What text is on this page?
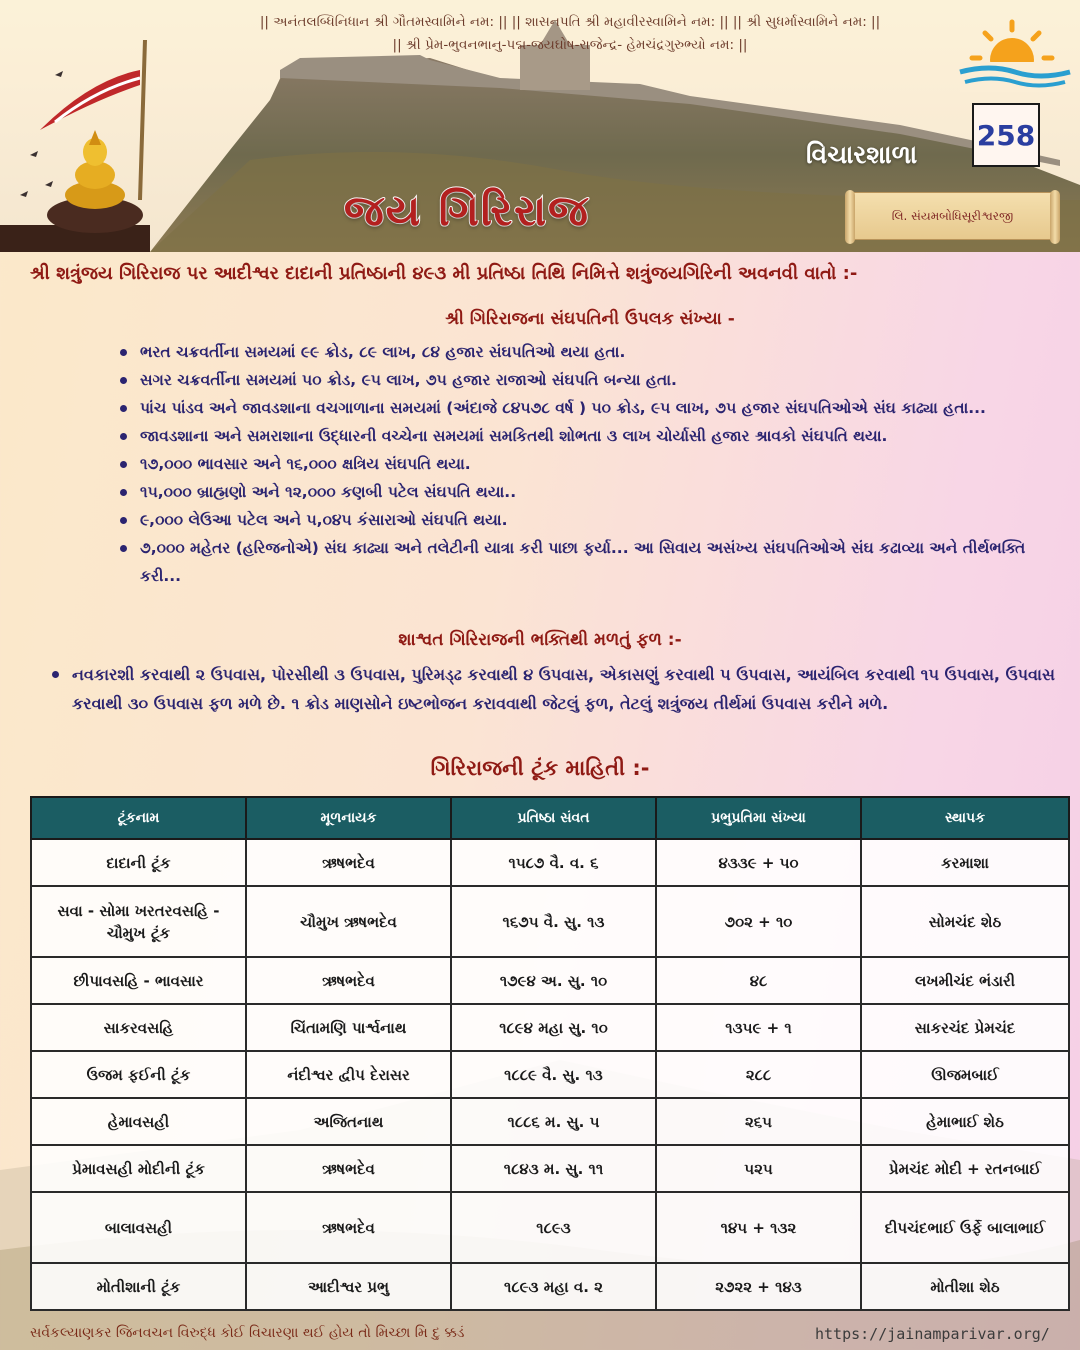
|| અનંતલબ્ધિનિધાન શ્રી ગૌતમસ્વામિને નમ: || || શાસનપતિ શ્રી મહાવીરસ્વામિને નમ: || || શ્રી સુધર્માસ્વામિને નમ: ||
|| શ્રી પ્રેમ-ભુવનભાનુ-પદ્મ-જયઘોષ-રાજેન્દ્ર- હેમચંદ્રગુરુભ્યો નમ: ||
258
વિચારશાળા
જય ગિરિરાજ	લિ. સંયમબોધિસૂરીશ્વરજી
શ્રી શત્રુંજય ગિરિરાજ પર આદીશ્વર દાદાની પ્રતિષ્ઠાની ૪૯૩ મી પ્રતિષ્ઠા તિથિ નિમિત્તે શત્રુંજયગિરિની અવનવી વાતો :-
શ્રી ગિરિરાજના સંઘપતિની ઉપલક સંખ્યા -
ભરત ચક્રવર્તીના સમયમાં ૯૯ ક્રોડ, ૮૯ લાખ, ૮૪ હજાર સંઘપતિઓ થયા હતા.
સગર ચક્રવર્તીના સમયમાં ૫૦ ક્રોડ, ૯૫ લાખ, ૭૫ હજાર રાજાઓ સંઘપતિ બન્યા હતા.
પાંચ પાંડવ અને જાવડશાના વચગાળાના સમયમાં (અંદાજે ૮૪૫૭૮ વર્ષ ) ૫૦ ક્રોડ, ૯૫ લાખ, ૭૫ હજાર સંઘપતિઓએ સંઘ કાઢ્યા હતા...
જાવડશાના અને સમરાશાના ઉદ્ધારની વચ્ચેના સમયમાં સમકિતથી શોભતા ૩ લાખ ચોર્યાસી હજાર શ્રાવકો સંઘપતિ થયા.
૧૭,૦૦૦ ભાવસાર અને ૧૬,૦૦૦ ક્ષત્રિય સંઘપતિ થયા.
૧૫,૦૦૦ બ્રાહ્મણો અને ૧૨,૦૦૦ કણબી પટેલ સંઘપતિ થયા..
૯,૦૦૦ લેઉઆ પટેલ અને ૫,૦૪૫ કંસારાઓ સંઘપતિ થયા.
૭,૦૦૦ મહેતર (હરિજનોએ) સંઘ કાઢ્યા અને તલેટીની યાત્રા કરી પાછા ફર્યા... આ સિવાય અસંખ્ય સંઘપતિઓએ સંઘ કઢાવ્યા અને તીર્થભક્તિ કરી...
શાશ્વત ગિરિરાજની ભક્તિથી મળતું ફળ :-
નવકારશી કરવાથી ૨ ઉપવાસ, પોરસીથી ૩ ઉપવાસ, પુરિમડ્ઢ કરવાથી ૪ ઉપવાસ, એકાસણું કરવાથી ૫ ઉપવાસ, આયંબિલ કરવાથી ૧૫ ઉપવાસ, ઉપવાસ કરવાથી ૩૦ ઉપવાસ ફળ મળે છે. ૧ ક્રોડ માણસોને ઇષ્ટભોજન કરાવવાથી જેટલું ફળ, તેટલું શત્રુંજય તીર્થમાં ઉપવાસ કરીને મળે.
ગિરિરાજની ટૂંક માહિતી :-
ટૂંકનામ	મૂળનાયક	પ્રતિષ્ઠા સંવત	પ્રભુપ્રતિમા સંખ્યા	સ્થાપક
દાદાની ટૂંક	ઋષભદેવ	૧૫૮૭ વૈ. વ. ૬	૪૩૩૯ + ૫૦	કરમાશા
સવા - સોમા ખરતરવસહિ - ચૌમુખ ટૂંક	ચૌમુખ ઋષભદેવ	૧૬૭૫ વૈ. સુ. ૧૩	૭૦૨ + ૧૦	સોમચંદ શેઠ
છીપાવસહિ - ભાવસાર	ઋષભદેવ	૧૭૯૪ અ. સુ. ૧૦	૪૮	લખમીચંદ ભંડારી
સાકરવસહિ	ચિંતામણિ પાર્શ્વનાથ	૧૮૯૪ મહા સુ. ૧૦	૧૩૫૯ + ૧	સાકરચંદ પ્રેમચંદ
ઉજમ ફઈની ટૂંક	નંદીશ્વર દ્વીપ દેરાસર	૧૮૮૯ વૈ. સુ. ૧૩	૨૮૮	ઊજમબાઈ
હેમાવસહી	અજિતનાથ	૧૮૮૬ મ. સુ. ૫	૨૬૫	હેમાભાઈ શેઠ
પ્રેમાવસહી મોદીની ટૂંક	ઋષભદેવ	૧૮૪૩ મ. સુ. ૧૧	૫૨૫	પ્રેમચંદ મોદી + રતનબાઈ
બાલાવસહી	ઋષભદેવ	૧૮૯૩	૧૪૫ + ૧૩૨	દીપચંદભાઈ ઉર્ફે બાલાભાઈ
મોતીશાની ટૂંક	આદીશ્વર પ્રભુ	૧૮૯૩ મહા વ. ૨	૨૭૨૨ + ૧૪૩	મોતીશા શેઠ
સર્વકલ્યાણકર જિનવચન વિરુદ્ધ કોઈ વિચારણા થઈ હોય તો મિચ્છા મિ દુ ક્કડં	https://jainamparivar.org/
